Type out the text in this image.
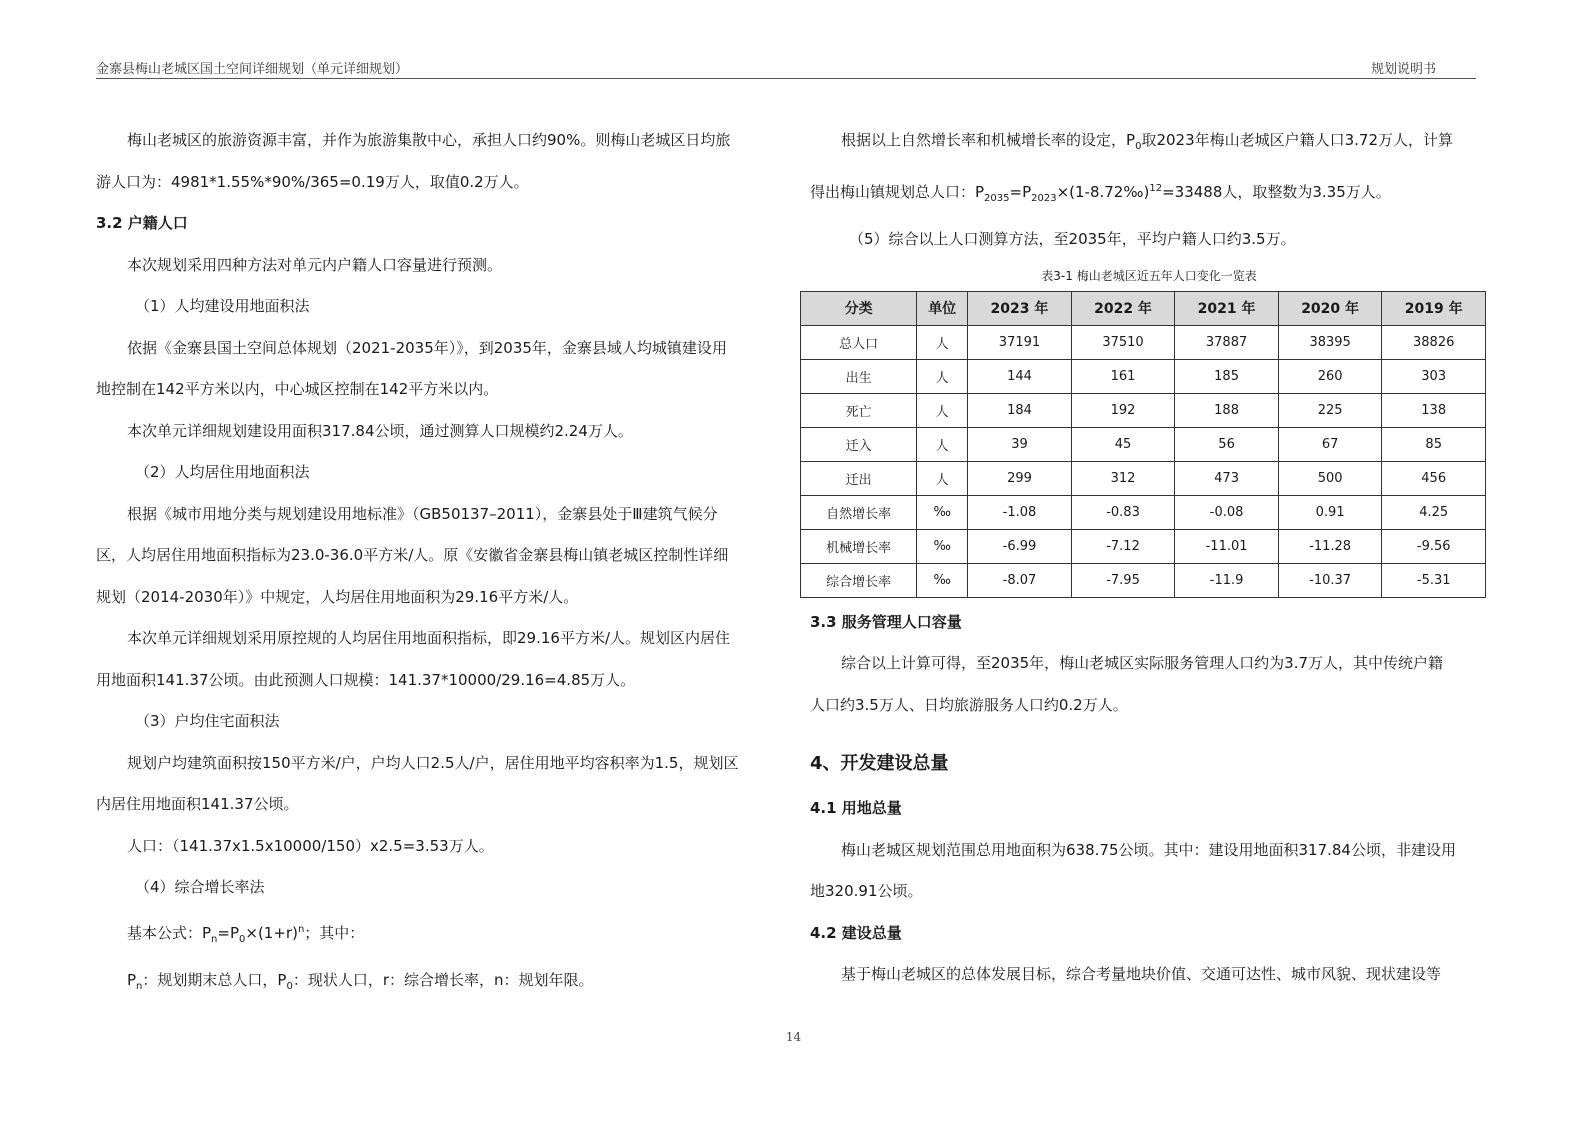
金寨县梅山老城区国土空间详细规划（单元详细规划）	规划说明书

梅山老城区的旅游资源丰富，并作为旅游集散中心，承担人口约90%。则梅山老城区日均旅

游人口为：4981*1.55%*90%/365=0.19万人，取值0.2万人。

3.2 户籍人口

本次规划采用四种方法对单元内户籍人口容量进行预测。

（1）人均建设用地面积法

依据《金寨县国土空间总体规划（2021-2035年）》，到2035年，金寨县域人均城镇建设用

地控制在142平方米以内，中心城区控制在142平方米以内。

本次单元详细规划建设用面积317.84公顷，通过测算人口规模约2.24万人。

（2）人均居住用地面积法

根据《城市用地分类与规划建设用地标准》（GB50137–2011），金寨县处于Ⅲ建筑气候分

区，人均居住用地面积指标为23.0-36.0平方米/人。原《安徽省金寨县梅山镇老城区控制性详细

规划（2014-2030年）》中规定，人均居住用地面积为29.16平方米/人。

本次单元详细规划采用原控规的人均居住用地面积指标，即29.16平方米/人。规划区内居住

用地面积141.37公顷。由此预测人口规模：141.37*10000/29.16=4.85万人。

（3）户均住宅面积法

规划户均建筑面积按150平方米/户，户均人口2.5人/户，居住用地平均容积率为1.5，规划区

内居住用地面积141.37公顷。

人口：（141.37x1.5x10000/150）x2.5=3.53万人。

（4）综合增长率法

基本公式：$P_n=P_0\times(1+r)^n$；其中：

$P_n$：规划期末总人口，$P_0$：现状人口，r：综合增长率，n：规划年限。

根据以上自然增长率和机械增长率的设定，$P_0$取2023年梅山老城区户籍人口3.72万人，计算

得出梅山镇规划总人口：$P_{2035}=P_{2023}\times(1-8.72‰)^{12}=33488$人，取整数为3.35万人。

（5）综合以上人口测算方法，至2035年，平均户籍人口约3.5万。

表3-1 梅山老城区近五年人口变化一览表
分类	单位	2023 年	2022 年	2021 年	2020 年	2019 年
总人口	人	37191	37510	37887	38395	38826
出生	人	144	161	185	260	303
死亡	人	184	192	188	225	138
迁入	人	39	45	56	67	85
迁出	人	299	312	473	500	456
自然增长率	‰	-1.08	-0.83	-0.08	0.91	4.25
机械增长率	‰	-6.99	-7.12	-11.01	-11.28	-9.56
综合增长率	‰	-8.07	-7.95	-11.9	-10.37	-5.31

3.3 服务管理人口容量

综合以上计算可得，至2035年，梅山老城区实际服务管理人口约为3.7万人，其中传统户籍

人口约3.5万人、日均旅游服务人口约0.2万人。

4、开发建设总量

4.1 用地总量

梅山老城区规划范围总用地面积为638.75公顷。其中：建设用地面积317.84公顷，非建设用

地320.91公顷。

4.2 建设总量

基于梅山老城区的总体发展目标，综合考量地块价值、交通可达性、城市风貌、现状建设等

14
